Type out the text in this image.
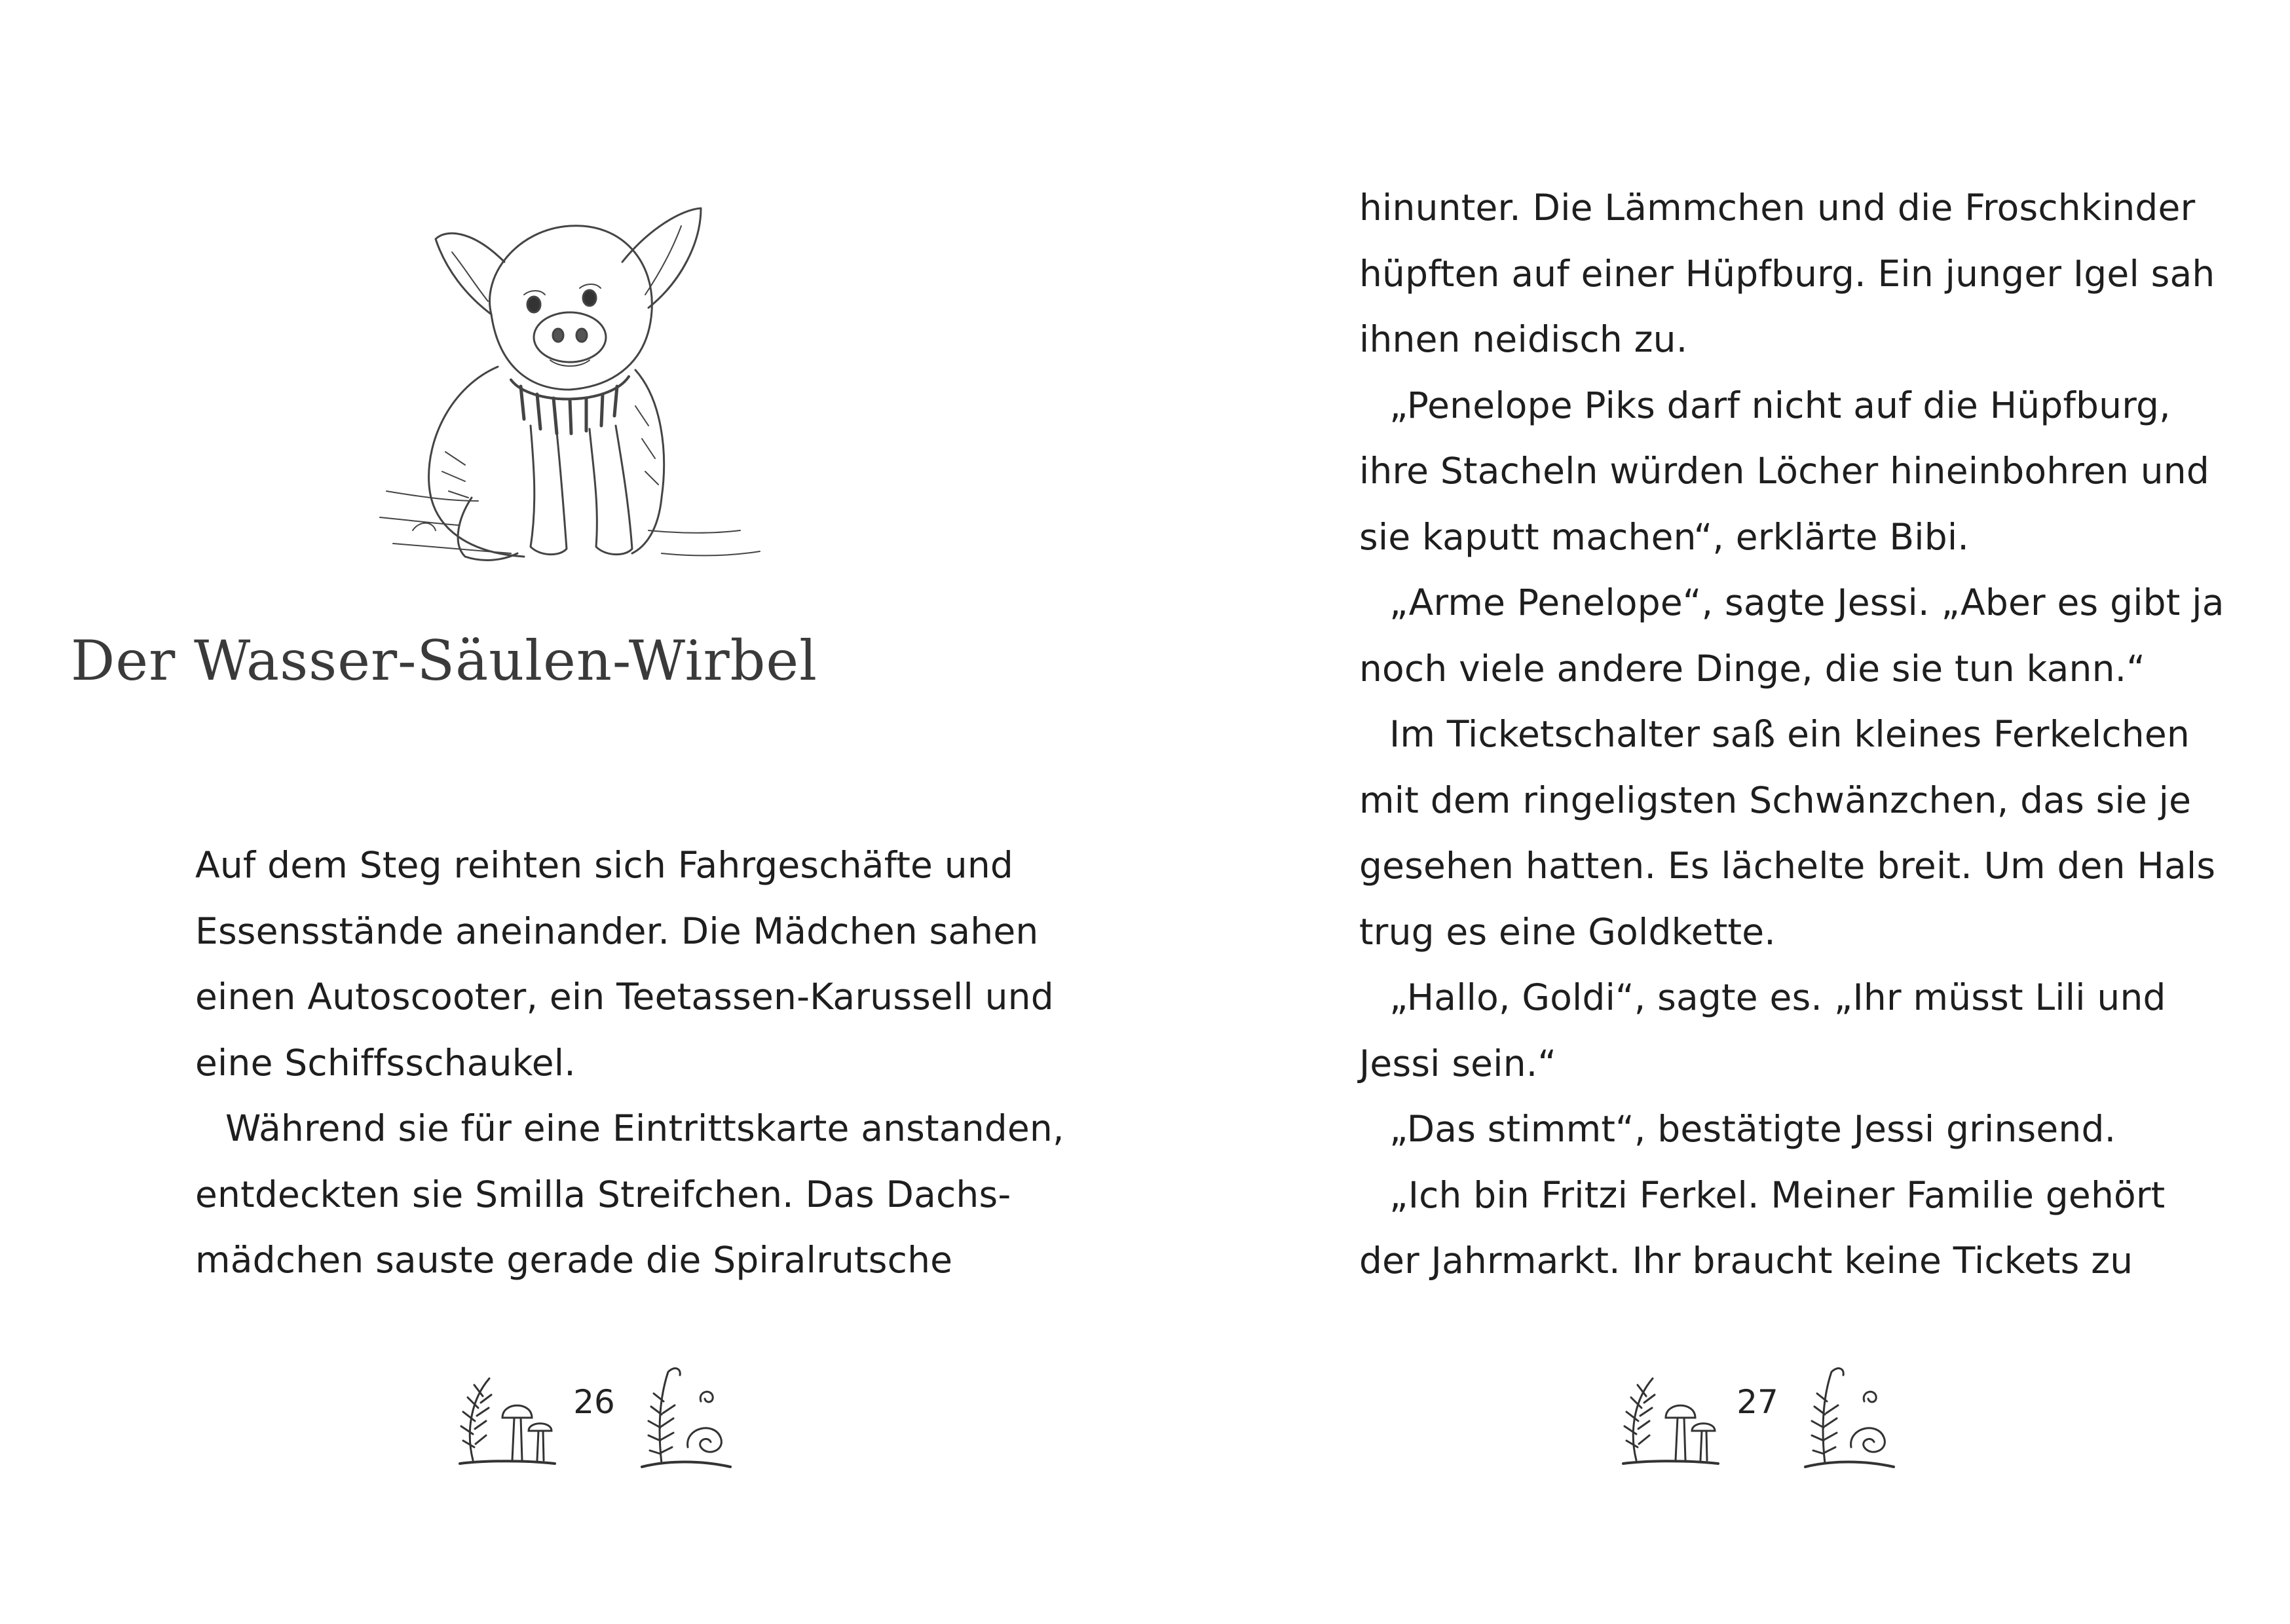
Der Wasser-Säulen-Wirbel
Auf dem Steg reihten sich Fahrgeschäfte und
Essensstände aneinander. Die Mädchen sahen
einen Autoscooter, ein Teetassen-Karussell und
eine Schiffsschaukel.
Während sie für eine Eintrittskarte anstanden,
entdeckten sie Smilla Streifchen. Das Dachs-
mädchen sauste gerade die Spiralrutsche
26
hinunter. Die Lämmchen und die Froschkinder
hüpften auf einer Hüpfburg. Ein junger Igel sah
ihnen neidisch zu.
„Penelope Piks darf nicht auf die Hüpfburg,
ihre Stacheln würden Löcher hineinbohren und
sie kaputt machen“, erklärte Bibi.
„Arme Penelope“, sagte Jessi. „Aber es gibt ja
noch viele andere Dinge, die sie tun kann.“
Im Ticketschalter saß ein kleines Ferkelchen
mit dem ringeligsten Schwänzchen, das sie je
gesehen hatten. Es lächelte breit. Um den Hals
trug es eine Goldkette.
„Hallo, Goldi“, sagte es. „Ihr müsst Lili und
Jessi sein.“
„Das stimmt“, bestätigte Jessi grinsend.
„Ich bin Fritzi Ferkel. Meiner Familie gehört
der Jahrmarkt. Ihr braucht keine Tickets zu
27
